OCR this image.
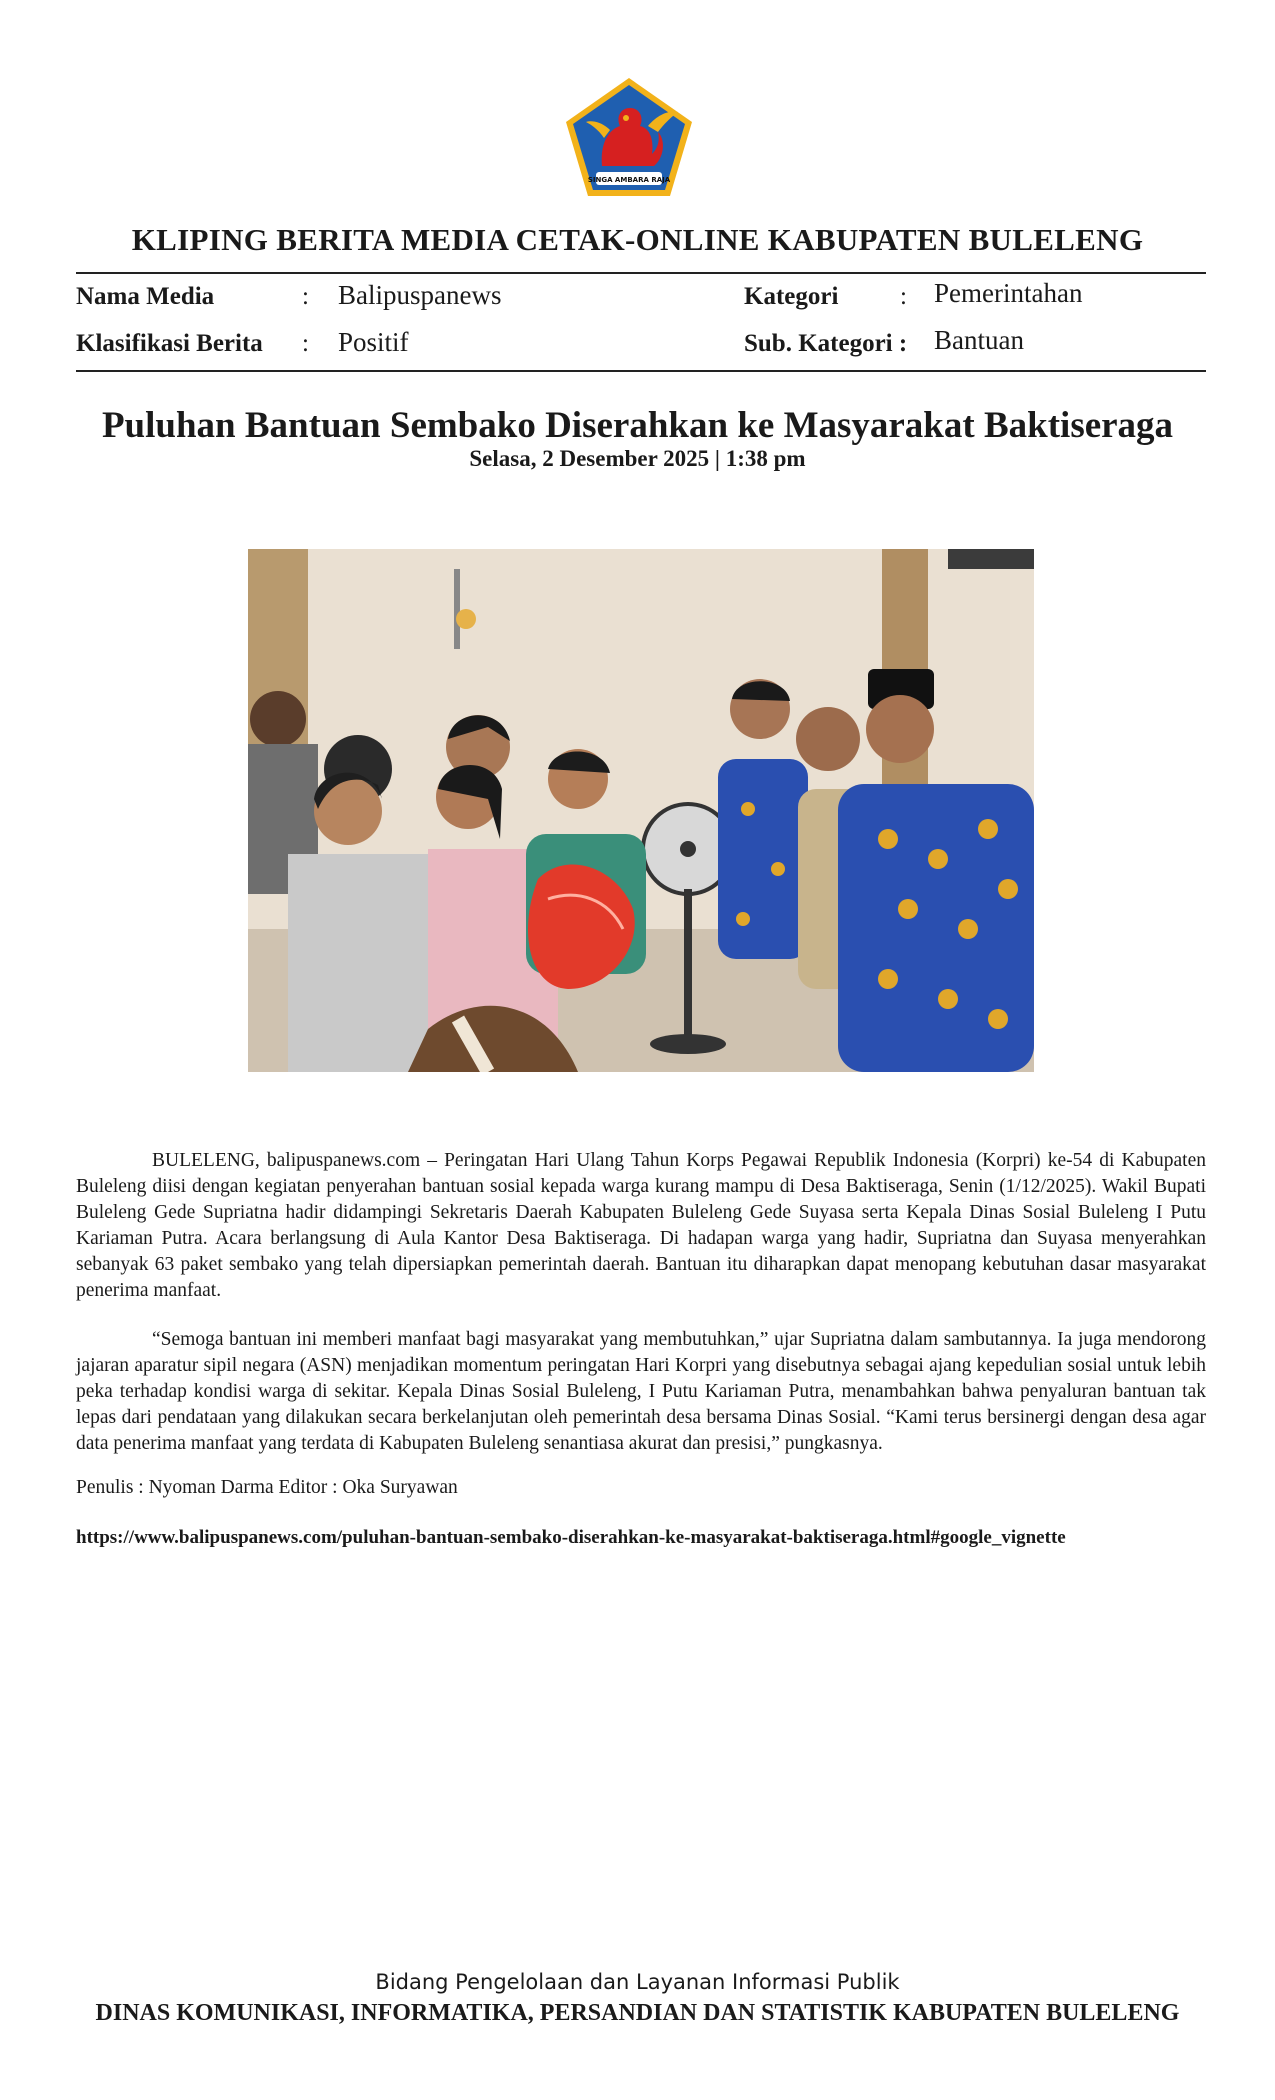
SINGA AMBARA RAJA
KLIPING BERITA MEDIA CETAK-ONLINE KABUPATEN BULELENG
Nama Media	: Balipuspanews	Kategori : Pemerintahan
Klasifikasi Berita : Positif	Sub. Kategori : Bantuan
Puluhan Bantuan Sembako Diserahkan ke Masyarakat Baktiseraga
Selasa, 2 Desember 2025 | 1:38 pm
BULELENG, balipuspanews.com – Peringatan Hari Ulang Tahun Korps Pegawai Republik Indonesia (Korpri) ke-54 di Kabupaten Buleleng diisi dengan kegiatan penyerahan bantuan sosial kepada warga kurang mampu di Desa Baktiseraga, Senin (1/12/2025). Wakil Bupati Buleleng Gede Supriatna hadir didampingi Sekretaris Daerah Kabupaten Buleleng Gede Suyasa serta Kepala Dinas Sosial Buleleng I Putu Kariaman Putra. Acara berlangsung di Aula Kantor Desa Baktiseraga. Di hadapan warga yang hadir, Supriatna dan Suyasa menyerahkan sebanyak 63 paket sembako yang telah dipersiapkan pemerintah daerah. Bantuan itu diharapkan dapat menopang kebutuhan dasar masyarakat penerima manfaat.
“Semoga bantuan ini memberi manfaat bagi masyarakat yang membutuhkan,” ujar Supriatna dalam sambutannya. Ia juga mendorong jajaran aparatur sipil negara (ASN) menjadikan momentum peringatan Hari Korpri yang disebutnya sebagai ajang kepedulian sosial untuk lebih peka terhadap kondisi warga di sekitar. Kepala Dinas Sosial Buleleng, I Putu Kariaman Putra, menambahkan bahwa penyaluran bantuan tak lepas dari pendataan yang dilakukan secara berkelanjutan oleh pemerintah desa bersama Dinas Sosial. “Kami terus bersinergi dengan desa agar data penerima manfaat yang terdata di Kabupaten Buleleng senantiasa akurat dan presisi,” pungkasnya.
Penulis : Nyoman Darma Editor : Oka Suryawan
https://www.balipuspanews.com/puluhan-bantuan-sembako-diserahkan-ke-masyarakat-baktiseraga.html#google_vignette
Bidang Pengelolaan dan Layanan Informasi Publik
DINAS KOMUNIKASI, INFORMATIKA, PERSANDIAN DAN STATISTIK KABUPATEN BULELENG
